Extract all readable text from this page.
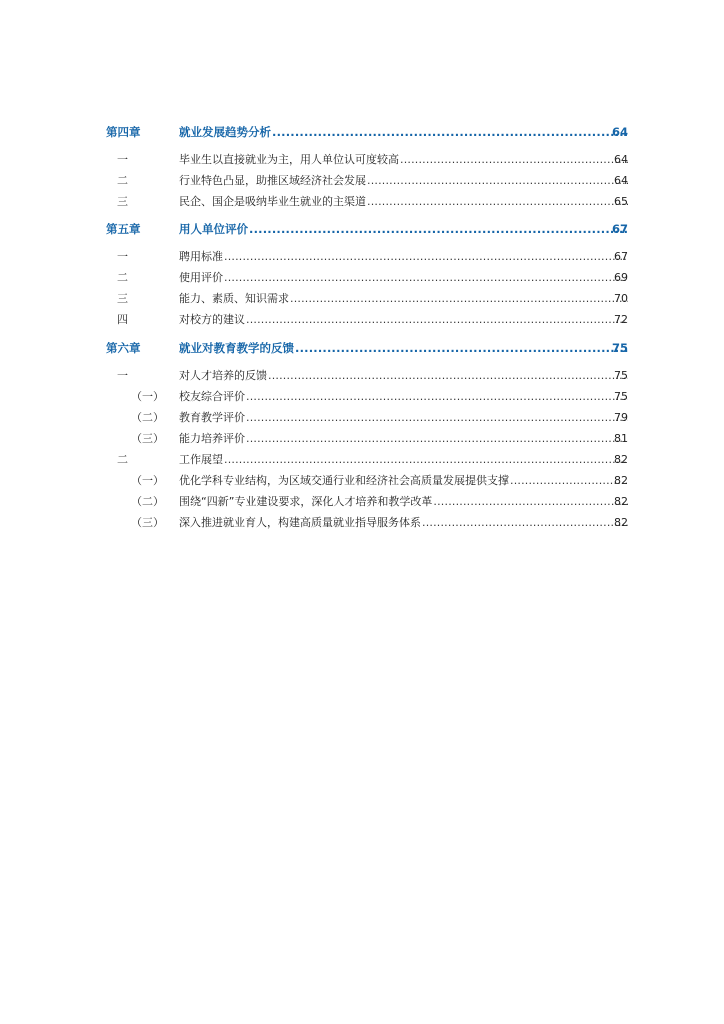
第四章	就业发展趋势分析 .....	64
一	毕业生以直接就业为主，用人单位认可度较高 .....	64
二	行业特色凸显，助推区域经济社会发展 .....	64
三	民企、国企是吸纳毕业生就业的主渠道 .....	65
第五章	用人单位评价 .....	67
一	聘用标准 .....	67
二	使用评价 .....	69
三	能力、素质、知识需求 .....	70
四	对校方的建议 .....	72
第六章	就业对教育教学的反馈 .....	75
一	对人才培养的反馈 .....	75
（一） 校友综合评价 .....	75
（二） 教育教学评价 .....	79
（三） 能力培养评价 .....	81
二	工作展望 .....	82
（一） 优化学科专业结构，为区域交通行业和经济社会高质量发展提供支撑 .....	82
（二） 围绕“四新”专业建设要求，深化人才培养和教学改革 .....	82
（三） 深入推进就业育人，构建高质量就业指导服务体系 .....	82
